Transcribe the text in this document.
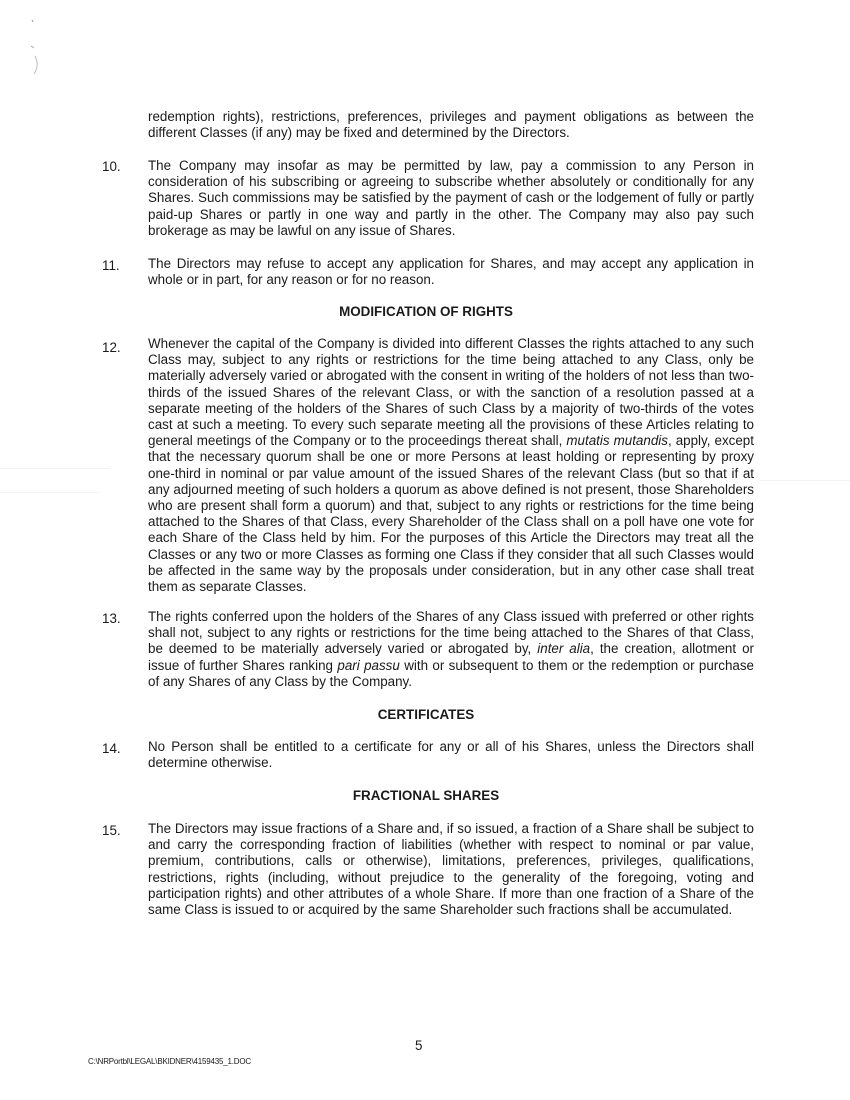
redemption rights), restrictions, preferences, privileges and payment obligations as between the different Classes (if any) may be fixed and determined by the Directors.

10. The Company may insofar as may be permitted by law, pay a commission to any Person in consideration of his subscribing or agreeing to subscribe whether absolutely or conditionally for any Shares. Such commissions may be satisfied by the payment of cash or the lodgement of fully or partly paid-up Shares or partly in one way and partly in the other. The Company may also pay such brokerage as may be lawful on any issue of Shares.

11. The Directors may refuse to accept any application for Shares, and may accept any application in whole or in part, for any reason or for no reason.

MODIFICATION OF RIGHTS
12. Whenever the capital of the Company is divided into different Classes the rights attached to any such Class may, subject to any rights or restrictions for the time being attached to any Class, only be materially adversely varied or abrogated with the consent in writing of the holders of not less than two-thirds of the issued Shares of the relevant Class, or with the sanction of a resolution passed at a separate meeting of the holders of the Shares of such Class by a majority of two-thirds of the votes cast at such a meeting. To every such separate meeting all the provisions of these Articles relating to general meetings of the Company or to the proceedings thereat shall, mutatis mutandis, apply, except that the necessary quorum shall be one or more Persons at least holding or representing by proxy one-third in nominal or par value amount of the issued Shares of the relevant Class (but so that if at any adjourned meeting of such holders a quorum as above defined is not present, those Shareholders who are present shall form a quorum) and that, subject to any rights or restrictions for the time being attached to the Shares of that Class, every Shareholder of the Class shall on a poll have one vote for each Share of the Class held by him. For the purposes of this Article the Directors may treat all the Classes or any two or more Classes as forming one Class if they consider that all such Classes would be affected in the same way by the proposals under consideration, but in any other case shall treat them as separate Classes.

13. The rights conferred upon the holders of the Shares of any Class issued with preferred or other rights shall not, subject to any rights or restrictions for the time being attached to the Shares of that Class, be deemed to be materially adversely varied or abrogated by, inter alia, the creation, allotment or issue of further Shares ranking pari passu with or subsequent to them or the redemption or purchase of any Shares of any Class by the Company.

CERTIFICATES
14. No Person shall be entitled to a certificate for any or all of his Shares, unless the Directors shall determine otherwise.

FRACTIONAL SHARES
15. The Directors may issue fractions of a Share and, if so issued, a fraction of a Share shall be subject to and carry the corresponding fraction of liabilities (whether with respect to nominal or par value, premium, contributions, calls or otherwise), limitations, preferences, privileges, qualifications, restrictions, rights (including, without prejudice to the generality of the foregoing, voting and participation rights) and other attributes of a whole Share. If more than one fraction of a Share of the same Class is issued to or acquired by the same Shareholder such fractions shall be accumulated.

5
C:\NRPortbl\LEGAL\BKIDNER\4159435_1.DOC
